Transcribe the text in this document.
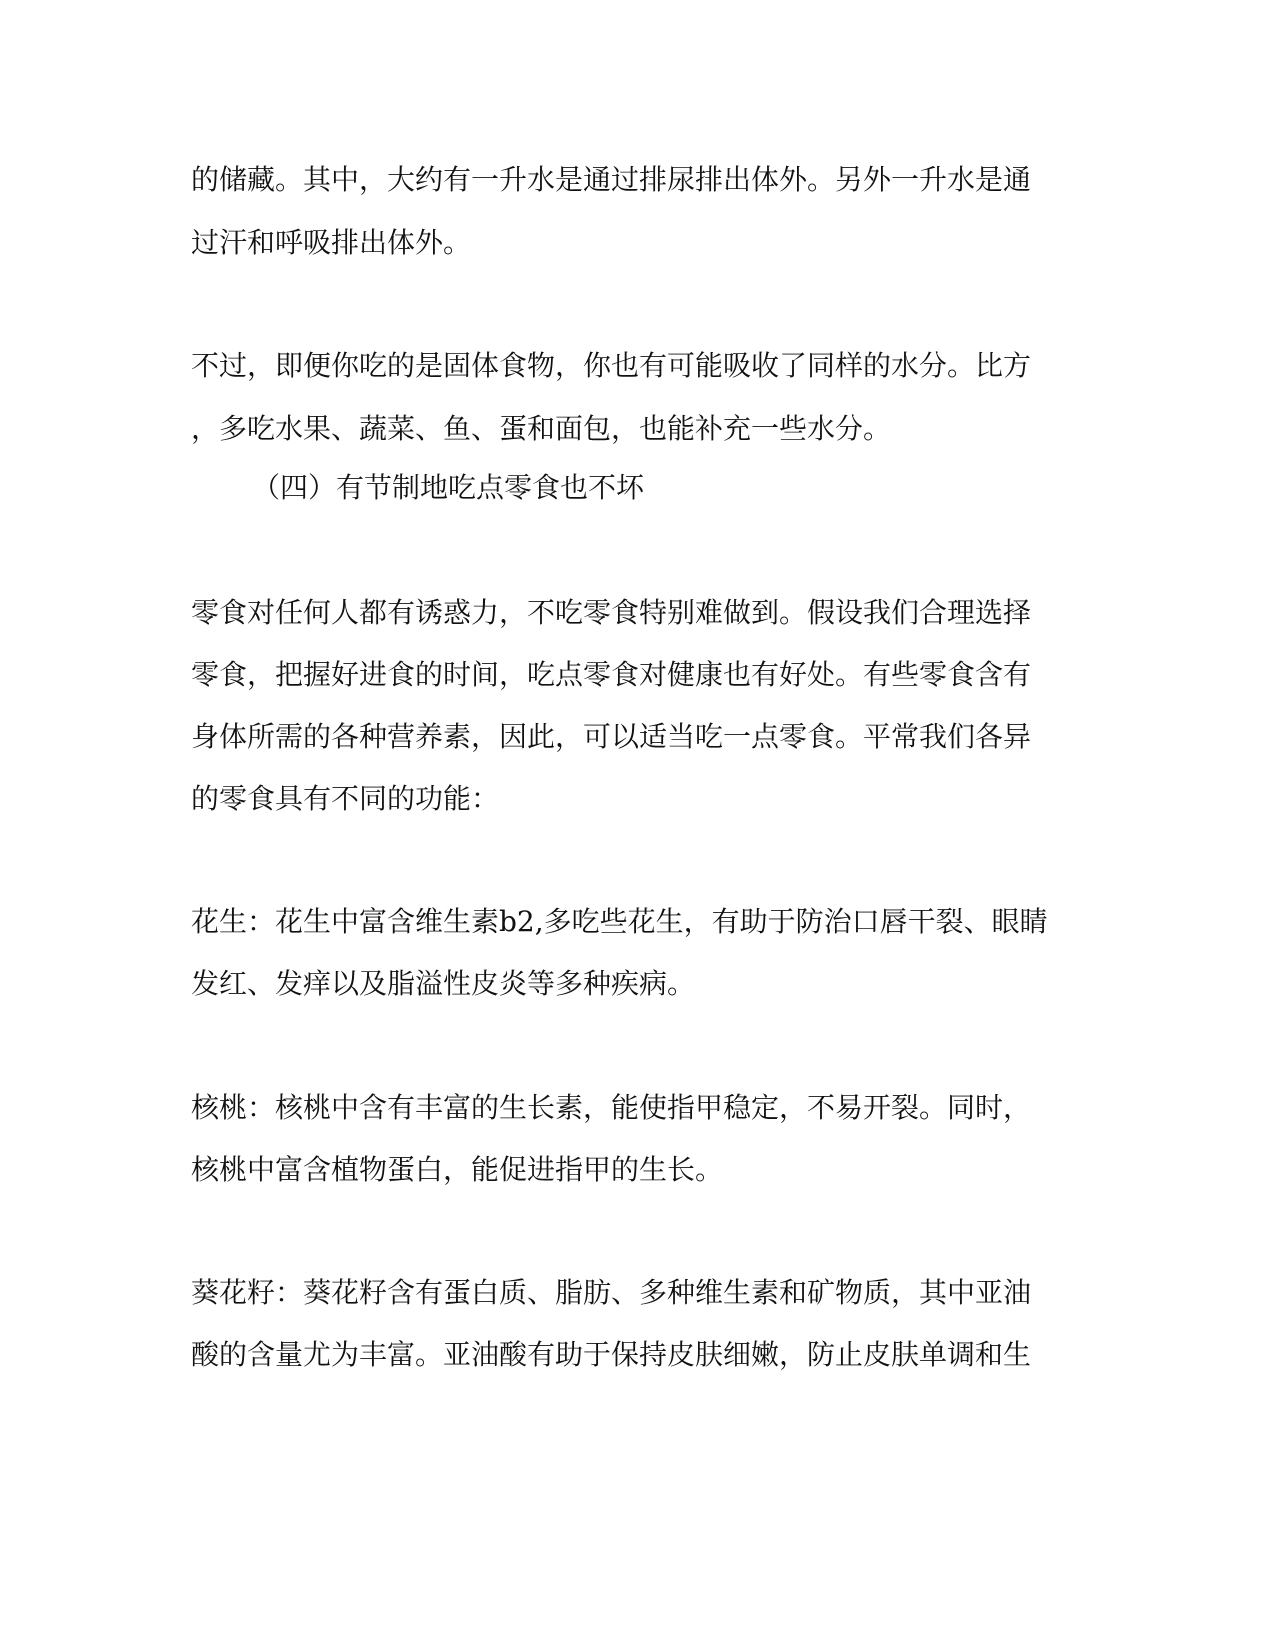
的储藏。其中，大约有一升水是通过排尿排出体外。另外一升水是通
过汗和呼吸排出体外。
不过，即便你吃的是固体食物，你也有可能吸收了同样的水分。比方
，多吃水果、蔬菜、鱼、蛋和面包，也能补充一些水分。
（四）有节制地吃点零食也不坏
零食对任何人都有诱惑力，不吃零食特别难做到。假设我们合理选择
零食，把握好进食的时间，吃点零食对健康也有好处。有些零食含有
身体所需的各种营养素，因此，可以适当吃一点零食。平常我们各异
的零食具有不同的功能：
花生：花生中富含维生素b2,多吃些花生，有助于防治口唇干裂、眼睛
发红、发痒以及脂溢性皮炎等多种疾病。
核桃：核桃中含有丰富的生长素，能使指甲稳定，不易开裂。同时，
核桃中富含植物蛋白，能促进指甲的生长。
葵花籽：葵花籽含有蛋白质、脂肪、多种维生素和矿物质，其中亚油
酸的含量尤为丰富。亚油酸有助于保持皮肤细嫩，防止皮肤单调和生
